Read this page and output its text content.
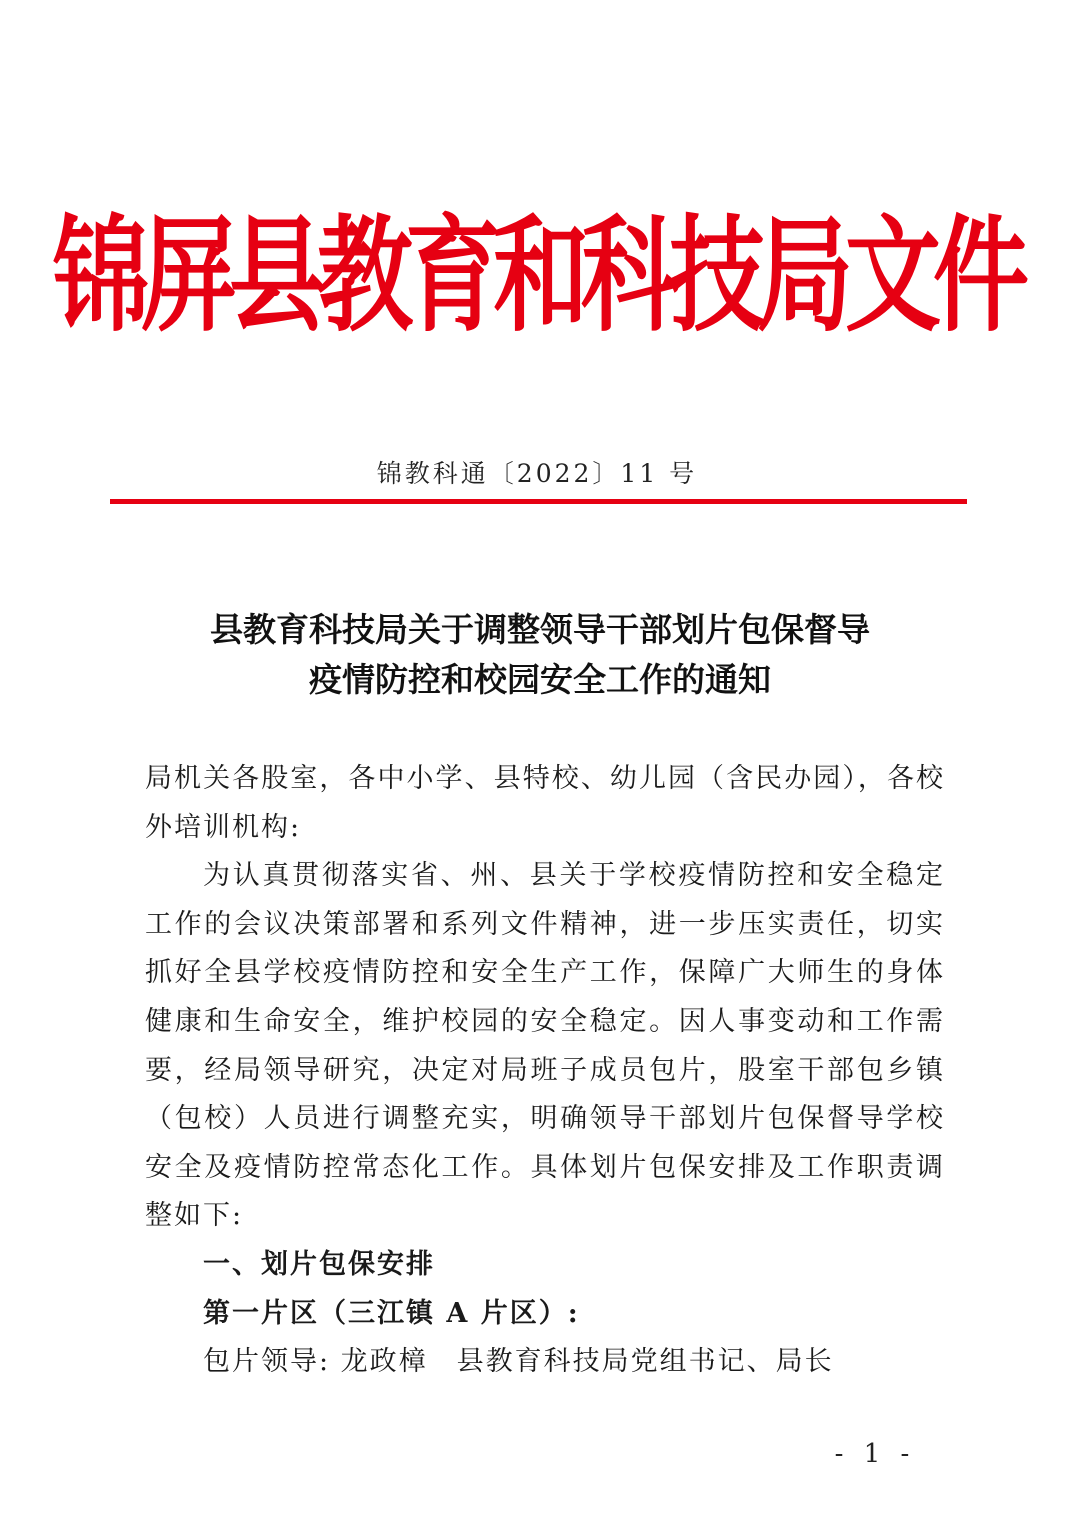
锦屏县教育和科技局文件
锦教科通〔2022〕11 号
县教育科技局关于调整领导干部划片包保督导
疫情防控和校园安全工作的通知

局机关各股室，各中小学、县特校、幼儿园（含民办园），各校外培训机构:

为认真贯彻落实省、州、县关于学校疫情防控和安全稳定工作的会议决策部署和系列文件精神，进一步压实责任，切实抓好全县学校疫情防控和安全生产工作，保障广大师生的身体健康和生命安全，维护校园的安全稳定。因人事变动和工作需要，经局领导研究，决定对局班子成员包片，股室干部包乡镇（包校）人员进行调整充实，明确领导干部划片包保督导学校安全及疫情防控常态化工作。具体划片包保安排及工作职责调整如下:

一、划片包保安排

第一片区（三江镇 A 片区）:

包片领导: 龙政樟　县教育科技局党组书记、局长

- 1 -
